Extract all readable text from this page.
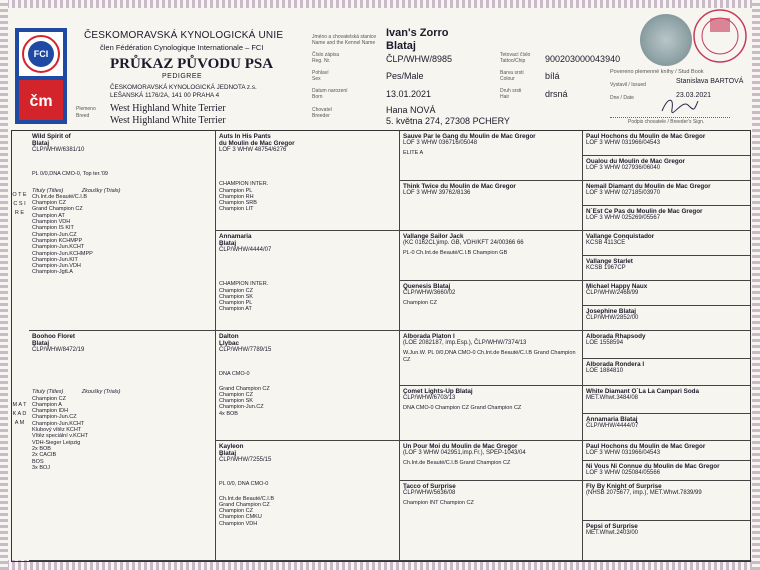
FCI
čm
ČESKOMORAVSKÁ KYNOLOGICKÁ UNIE
člen Fédération Cynologique Internationale – FCI
PRŮKAZ PŮVODU PSA
PEDIGREE
ČESKOMORAVSKÁ KYNOLOGICKÁ JEDNOTA z.s.
LEŠANSKÁ 1176/2A, 141 00 PRAHA 4
Plemeno
Breed
West Highland White Terrier
West Highland White Terrier
Jméno a chovatelská stanice
Name and the Kennel Name
Ivan's Zorro
Blataj
Číslo zápisu
Reg. Nr.	ČLP/WHW/8985	Tetovací číslo
Tattoo/Chip 900203000043940
Pohlaví
Sex	Pes/Male	Barva srsti
Colour	bílá
Datum narození
Born	13.01.2021	Druh srsti
Hair	drsná
Chovatel
Breeder
Hana NOVÁ
5. května 274, 27308 PCHERY
Povereno plemenné knihy / Stud Book
Vystavil / Issued	Stanislava BARTOVÁ
Dne / Date	23.03.2021
Podpis chovatele / Breeder's Sign.
O T E C S I R E
M A T K A D A M
Wild Spirit of
Blataj
ČLP/WHW/6381/10
PL 0/0,DNA CMO-0, Top ter.'09
Tituly (Titles)	Zkoušky (Trials)
Ch.Int.de Beauté/C.I.B
Champion CZ
Grand Champion CZ
Champion AT
Champion VDH
Champion IS KIT
Champion-Jun.CZ
Champion KCHMPP
Champion-Jun.KCHT
Champion-Jun.KCHMPP
Champion-Jun.KIT
Champion-Jun.VDH
Champion-JgtLA
Boohoo Floret
Blataj
ČLP/WHW/8472/19
Tituly (Titles)	Zkoušky (Trials)
Champion CZ
Champion A
Champion IDH
Champion-Jun.CZ
Champion-Jun.KCHT
Klubový vítěz KCHT
Vítěz speciální v.KCHT
VDH-Sieger Leipzig
2x BOB
2x CACIB
BOS
3x BOJ
Auts In His Pants
du Moulin de Mac Gregor
LOF 3 WHW 48754/6276
CHAMPION INTER.
Champion PL
Champion RH
Champion SRB
Champion LIT
Annamaria
Blataj
ČLP/WHW/4444/07
CHAMPION INTER.
Champion CZ
Champion SK
Champion PL
Champion AT
Dalton
Llybac
ČLP/WHW/7789/15
DNA CMO-0
Grand Champion CZ
Champion CZ
Champion SK
Champion-Jun.CZ
4x BOB
Kayleon
Blataj
ČLP/WHW/7255/15
PL 0/0, DNA CMO-0
Ch.Int.de Beauté/C.I.B
Grand Champion CZ
Champion CZ
Champion CMKU
Champion VDH
Sauve Par le Gang du Moulin de Mac Gregor
LOF 3 WHW 036716/05048
ELITE A
Think Twice du Moulin de Mac Gregor
LOF 3 WHW 39762/8136
Vallange Sailor Jack
(KC 0162CL)imp. GB, VDH/KFT 24/00366 66
PL-0 Ch.Int.de Beauté/C.I.B Champion GB
Quenesis Blataj
ČLP/WHW/3660/02
Champion CZ
Alborada Platon I
(LOE 2082187, imp.Esp.), ČLP/WHW/7374/13
W.Jun.W. PL 0/0,DNA CMO-0 Ch.Int.de Beauté/C.I.B Grand Champion CZ
Comet Lights-Up Blataj
ČLP/WHW/6703/13
DNA CMO-0 Champion CZ Grand Champion CZ
Un Pour Moi du Moulin de Mac Gregor
(LOF 3 WHW 042951,imp.Fr.), SPEP-1043/04
Ch.Int.de Beauté/C.I.B Grand Champion CZ
Tacco of Surprise
ČLP/WHW/5636/08
Champion INT Champion CZ
Paul Hochons du Moulin de Mac Gregor
LOF 3 WHW 031966/04543
Oualou du Moulin de Mac Gregor
LOF 3 WHW 027936/06040
Nemail Diamant du Moulin de Mac Gregor
LOF 3 WHW 027185/03970
N´Est Ce Pas du Moulin de Mac Gregor
LOF 3 WHW 025269/05567
Vallange Conquistador
KCSB 4113CE
Vallange Starlet
KCSB 1967CP
Michael Happy Naux
ČLP/WHW/2468/99
Josephine Blataj
ČLP/WHW/2852/00
Alborada Rhapsody
LOE 1558594
Alborada Rondera I
LOE 1884810
White Diamant O´La La Campari Soda
MET.Whwt.3484/08
Annamaria Blataj
ČLP/WHW/4444/07
Paul Hochons du Moulin de Mac Gregor
LOF 3 WHW 031966/04543
Ni Vous Ni Connue du Moulin de Mac Gregor
LOF 3 WHW 025084/05566
Fly By Knight of Surprise
(NHSB 2075677, imp.), MET.Whwt.7839/99
Pepsi of Surprise
MET.Whwt.2403/00
